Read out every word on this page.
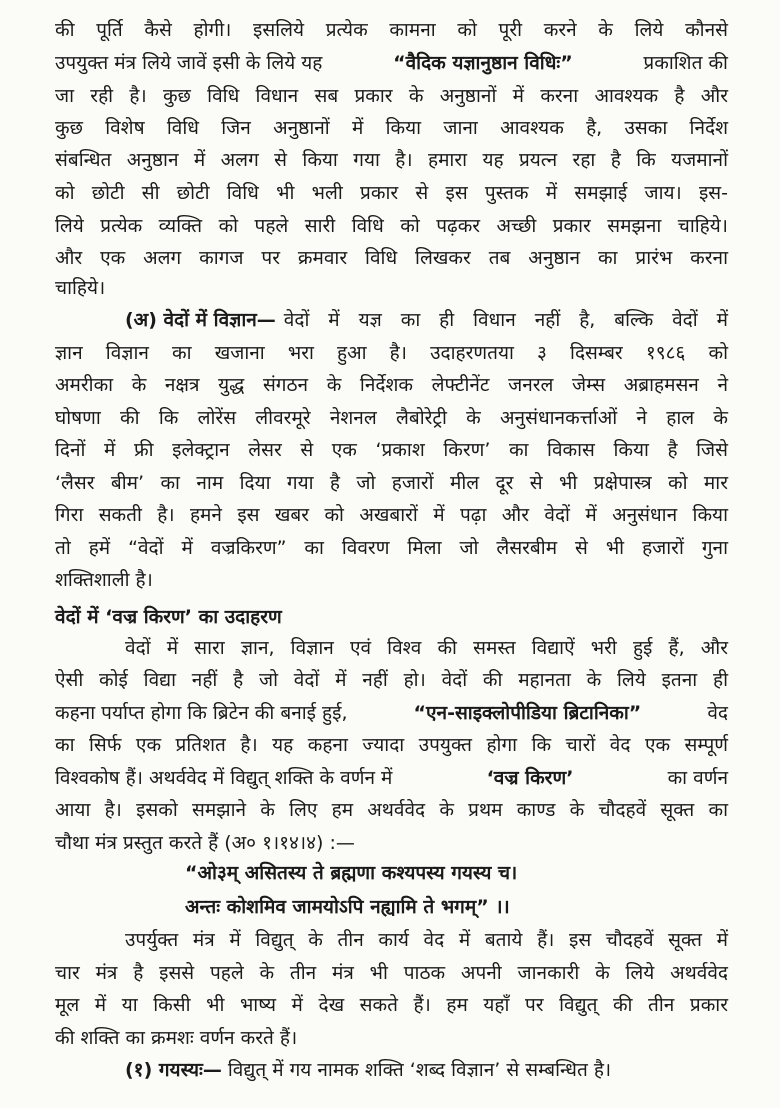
की पूर्ति कैसे होगी। इसलिये प्रत्येक कामना को पूरी करने के लिये कौनसे
उपयुक्त मंत्र लिये जावें इसी के लिये यह	“वैदिक यज्ञानुष्ठान विधिः”	प्रकाशित की
जा रही है। कुछ विधि विधान सब प्रकार के अनुष्ठानों में करना आवश्यक है और
कुछ विशेष विधि जिन अनुष्ठानों में किया जाना आवश्यक है, उसका निर्देश
संबन्धित अनुष्ठान में अलग से किया गया है। हमारा यह प्रयत्न रहा है कि यजमानों
को छोटी सी छोटी विधि भी भली प्रकार से इस पुस्तक में समझाई जाय। इस-
लिये प्रत्येक व्यक्ति को पहले सारी विधि को पढ़कर अच्छी प्रकार समझना चाहिये।
और एक अलग कागज पर क्रमवार विधि लिखकर तब अनुष्ठान का प्रारंभ करना
चाहिये।
(अ) वेदों में विज्ञान— वेदों में यज्ञ का ही विधान नहीं है, बल्कि वेदों में
ज्ञान विज्ञान का खजाना भरा हुआ है। उदाहरणतया ३ दिसम्बर १९८६ को
अमरीका के नक्षत्र युद्ध संगठन के निर्देशक लेफ्टीनेंट जनरल जेम्स अब्राहमसन ने
घोषणा की कि लोरेंस लीवरमूरे नेशनल लैबोरेट्री के अनुसंधानकर्त्ताओं ने हाल के
दिनों में फ्री इलेक्ट्रान लेसर से एक ‘प्रकाश किरण’ का विकास किया है जिसे
‘लैसर बीम’ का नाम दिया गया है जो हजारों मील दूर से भी प्रक्षेपास्त्र को मार
गिरा सकती है। हमने इस खबर को अखबारों में पढ़ा और वेदों में अनुसंधान किया
तो हमें “वेदों में वज्रकिरण” का विवरण मिला जो लैसरबीम से भी हजारों गुना
शक्तिशाली है।
वेदों में ‘वज्र किरण’ का उदाहरण
वेदों में सारा ज्ञान, विज्ञान एवं विश्व की समस्त विद्याऐं भरी हुई हैं, और
ऐसी कोई विद्या नहीं है जो वेदों में नहीं हो। वेदों की महानता के लिये इतना ही
कहना पर्याप्त होगा कि ब्रिटेन की बनाई हुई,	“एन-साइक्लोपीडिया ब्रिटानिका”	वेद
का सिर्फ एक प्रतिशत है। यह कहना ज्यादा उपयुक्त होगा कि चारों वेद एक सम्पूर्ण
विश्वकोष हैं। अथर्ववेद में विद्युत् शक्ति के वर्णन में	‘वज्र किरण’	का वर्णन
आया है। इसको समझाने के लिए हम अथर्ववेद के प्रथम काण्ड के चौदहवें सूक्त का
चौथा मंत्र प्रस्तुत करते हैं (अ० १।१४।४) :—
“ओ३म् असितस्य ते ब्रह्मणा कश्यपस्य गयस्य च।
अन्तः कोशमिव जामयोऽपि नह्यामि ते भगम्” ।।
उपर्युक्त मंत्र में विद्युत् के तीन कार्य वेद में बताये हैं। इस चौदहवें सूक्त में
चार मंत्र है इससे पहले के तीन मंत्र भी पाठक अपनी जानकारी के लिये अथर्ववेद
मूल में या किसी भी भाष्य में देख सकते हैं। हम यहाँ पर विद्युत् की तीन प्रकार
की शक्ति का क्रमशः वर्णन करते हैं।
(१) गयस्यः— विद्युत् में गय नामक शक्ति ‘शब्द विज्ञान’ से सम्बन्धित है।
